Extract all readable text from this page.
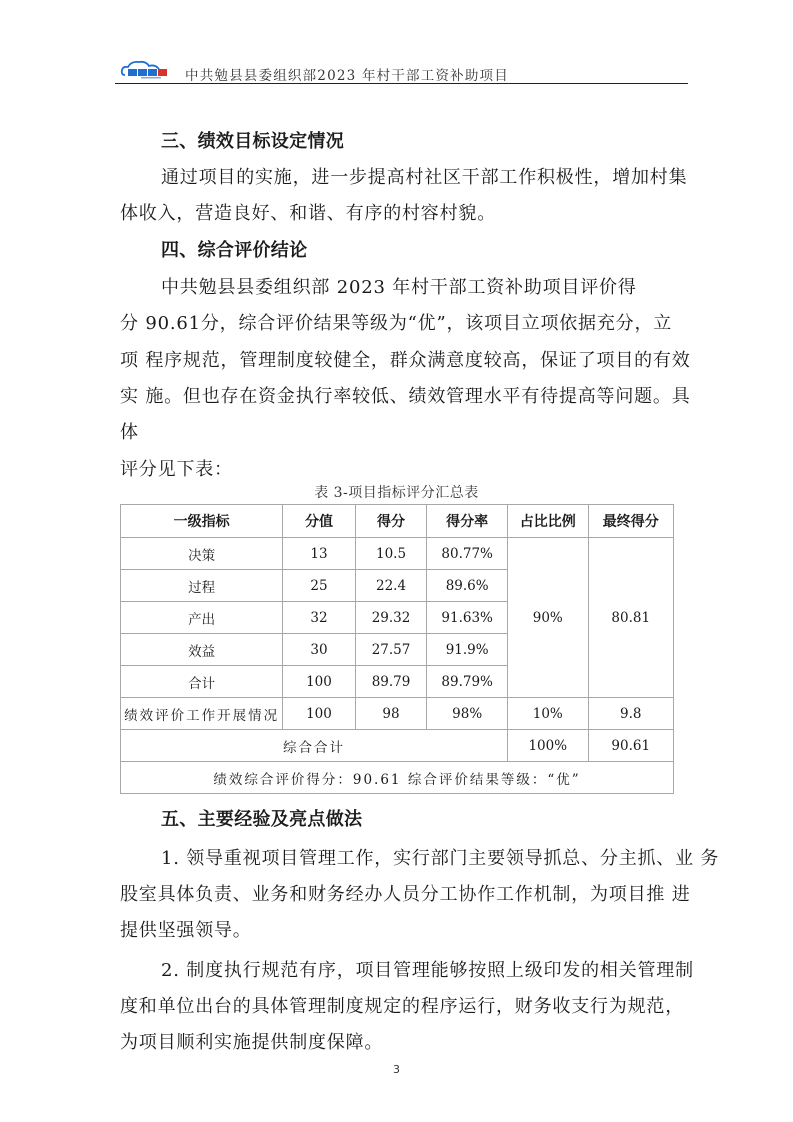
中共勉县县委组织部2023 年村干部工资补助项目
三、绩效目标设定情况
通过项目的实施，进一步提高村社区干部工作积极性，增加村集
体收入，营造良好、和谐、有序的村容村貌。
四、综合评价结论
中共勉县县委组织部 2023 年村干部工资补助项目评价得
分 90.61分，综合评价结果等级为“优”，该项目立项依据充分，立
项 程序规范，管理制度较健全，群众满意度较高，保证了项目的有效
实 施。但也存在资金执行率较低、绩效管理水平有待提高等问题。具
体
评分见下表：
表 3-项目指标评分汇总表
一级指标	分值	得分	得分率	占比比例	最终得分
决策	13	10.5	80.77%	90%	80.81
过程	25	22.4	89.6%		
产出	32	29.32	91.63%		
效益	30	27.57	91.9%		
合计	100	89.79	89.79%		
绩效评价工作开展情况	100	98	98%	10%	9.8
综合合计				100%	90.61
绩效综合评价得分：90.61 综合评价结果等级：“优”					
五、主要经验及亮点做法
1. 领导重视项目管理工作，实行部门主要领导抓总、分主抓、业 务
股室具体负责、业务和财务经办人员分工协作工作机制，为项目推 进
提供坚强领导。
2. 制度执行规范有序，项目管理能够按照上级印发的相关管理制
度和单位出台的具体管理制度规定的程序运行，财务收支行为规范，
为项目顺利实施提供制度保障。
3
